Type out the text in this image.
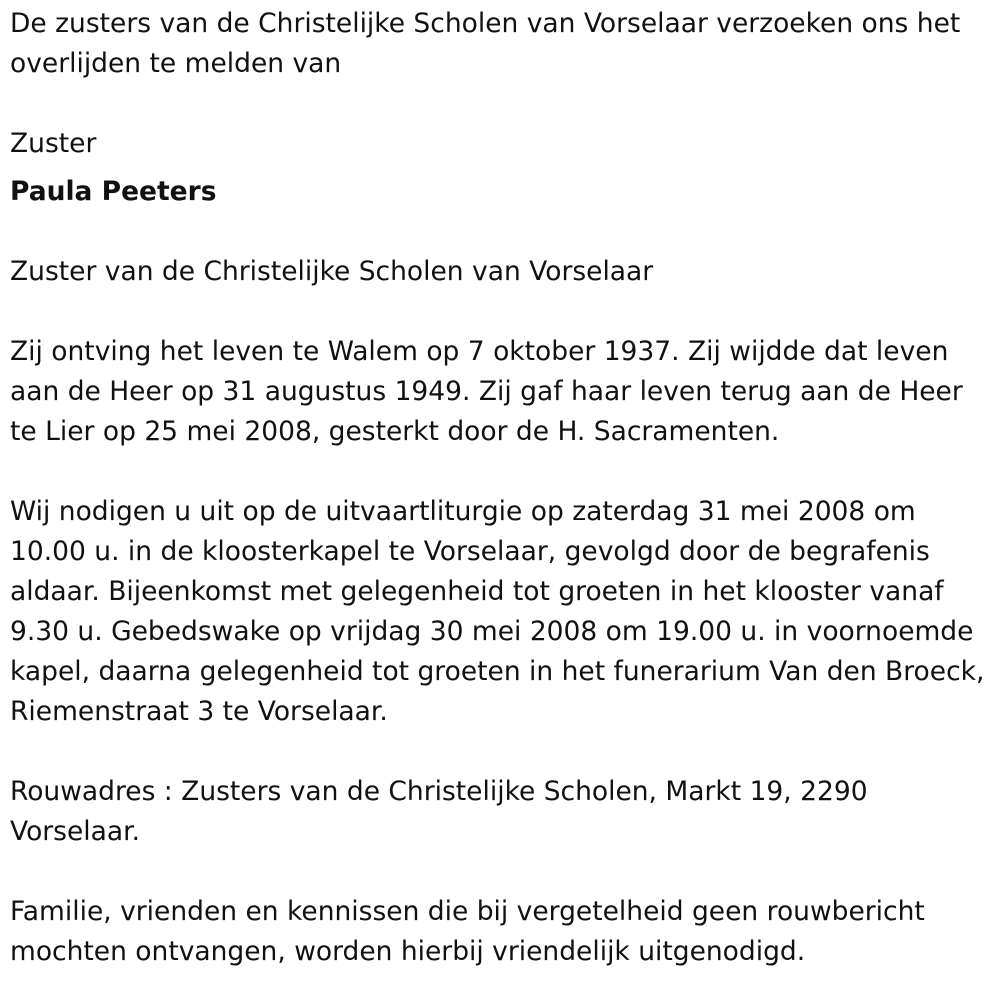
De zusters van de Christelijke Scholen van Vorselaar verzoeken ons het overlijden te melden van

Zuster

Paula Peeters

Zuster van de Christelijke Scholen van Vorselaar

Zij ontving het leven te Walem op 7 oktober 1937. Zij wijdde dat leven aan de Heer op 31 augustus 1949. Zij gaf haar leven terug aan de Heer te Lier op 25 mei 2008, gesterkt door de H. Sacramenten.

Wij nodigen u uit op de uitvaartliturgie op zaterdag 31 mei 2008 om 10.00 u. in de kloosterkapel te Vorselaar, gevolgd door de begrafenis aldaar. Bijeenkomst met gelegenheid tot groeten in het klooster vanaf 9.30 u. Gebedswake op vrijdag 30 mei 2008 om 19.00 u. in voornoemde kapel, daarna gelegenheid tot groeten in het funerarium Van den Broeck, Riemenstraat 3 te Vorselaar.

Rouwadres : Zusters van de Christelijke Scholen, Markt 19, 2290 Vorselaar.

Familie, vrienden en kennissen die bij vergetelheid geen rouwbericht mochten ontvangen, worden hierbij vriendelijk uitgenodigd.
